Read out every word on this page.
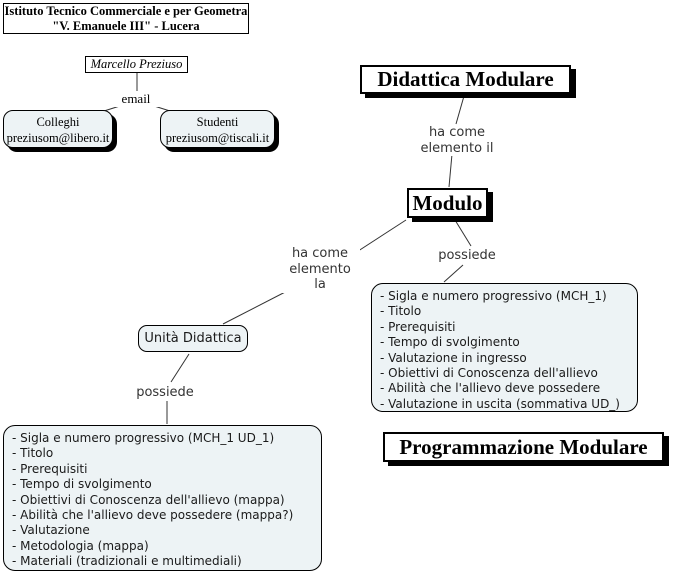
Istituto Tecnico Commerciale e per Geometra
"V. Emanuele III" - Lucera
Marcello Preziuso
email
Colleghi
preziusom@libero.it
Studenti
preziusom@tiscali.it
Didattica Modulare
ha come
elemento il
Modulo
ha come
elemento
la
possiede
- Sigla e numero progressivo (MCH_1)
- Titolo
- Prerequisiti
- Tempo di svolgimento
- Valutazione in ingresso
- Obiettivi di Conoscenza dell'allievo
- Abilità che l'allievo deve possedere
- Valutazione in uscita (sommativa UD_)
Unità Didattica
possiede
- Sigla e numero progressivo (MCH_1 UD_1)
- Titolo
- Prerequisiti
- Tempo di svolgimento
- Obiettivi di Conoscenza dell'allievo (mappa)
- Abilità che l'allievo deve possedere (mappa?)
- Valutazione
- Metodologia (mappa)
- Materiali (tradizionali e multimediali)
Programmazione Modulare
